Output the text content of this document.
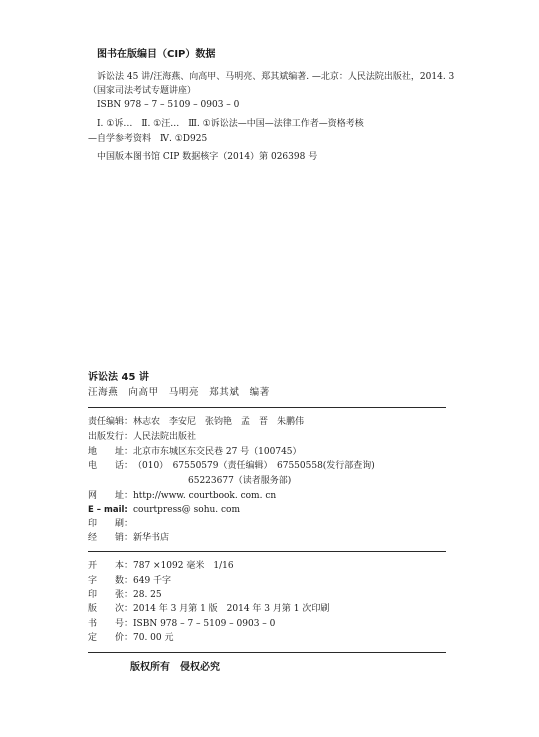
图书在版编目（CIP）数据
诉讼法 45 讲/汪海燕、向高甲、马明亮、郑其斌编著. —北京：人民法院出版社，2014. 3
（国家司法考试专题讲座）
ISBN 978 – 7 – 5109 – 0903 – 0
Ⅰ. ①诉…　Ⅱ. ①汪…　Ⅲ. ①诉讼法—中国—法律工作者—资格考核
—自学参考资料　Ⅳ. ①D925
中国版本图书馆 CIP 数据核字（2014）第 026398 号
诉讼法 45 讲
汪海燕　向高甲　马明亮　郑其斌　编著
责任编辑：林志农　李安尼　张钧艳　孟　晋　朱鹏伟
出版发行：人民法院出版社
地　　址：北京市东城区东交民巷 27 号（100745）
电　　话：（010）　67550579（责任编辑）　67550558(发行部查询)
65223677（读者服务部)
网　　址：http://www. courtbook. com. cn
E – mail: courtpress@ sohu. com
印　　刷：
经　　销：新华书店
开　　本：787 ×1092 毫米　1/16
字　　数：649 千字
印　　张：28. 25
版　　次：2014 年 3 月第 1 版　2014 年 3 月第 1 次印刷
书　　号：ISBN 978 – 7 – 5109 – 0903 – 0
定　　价：70. 00 元
版权所有　侵权必究
